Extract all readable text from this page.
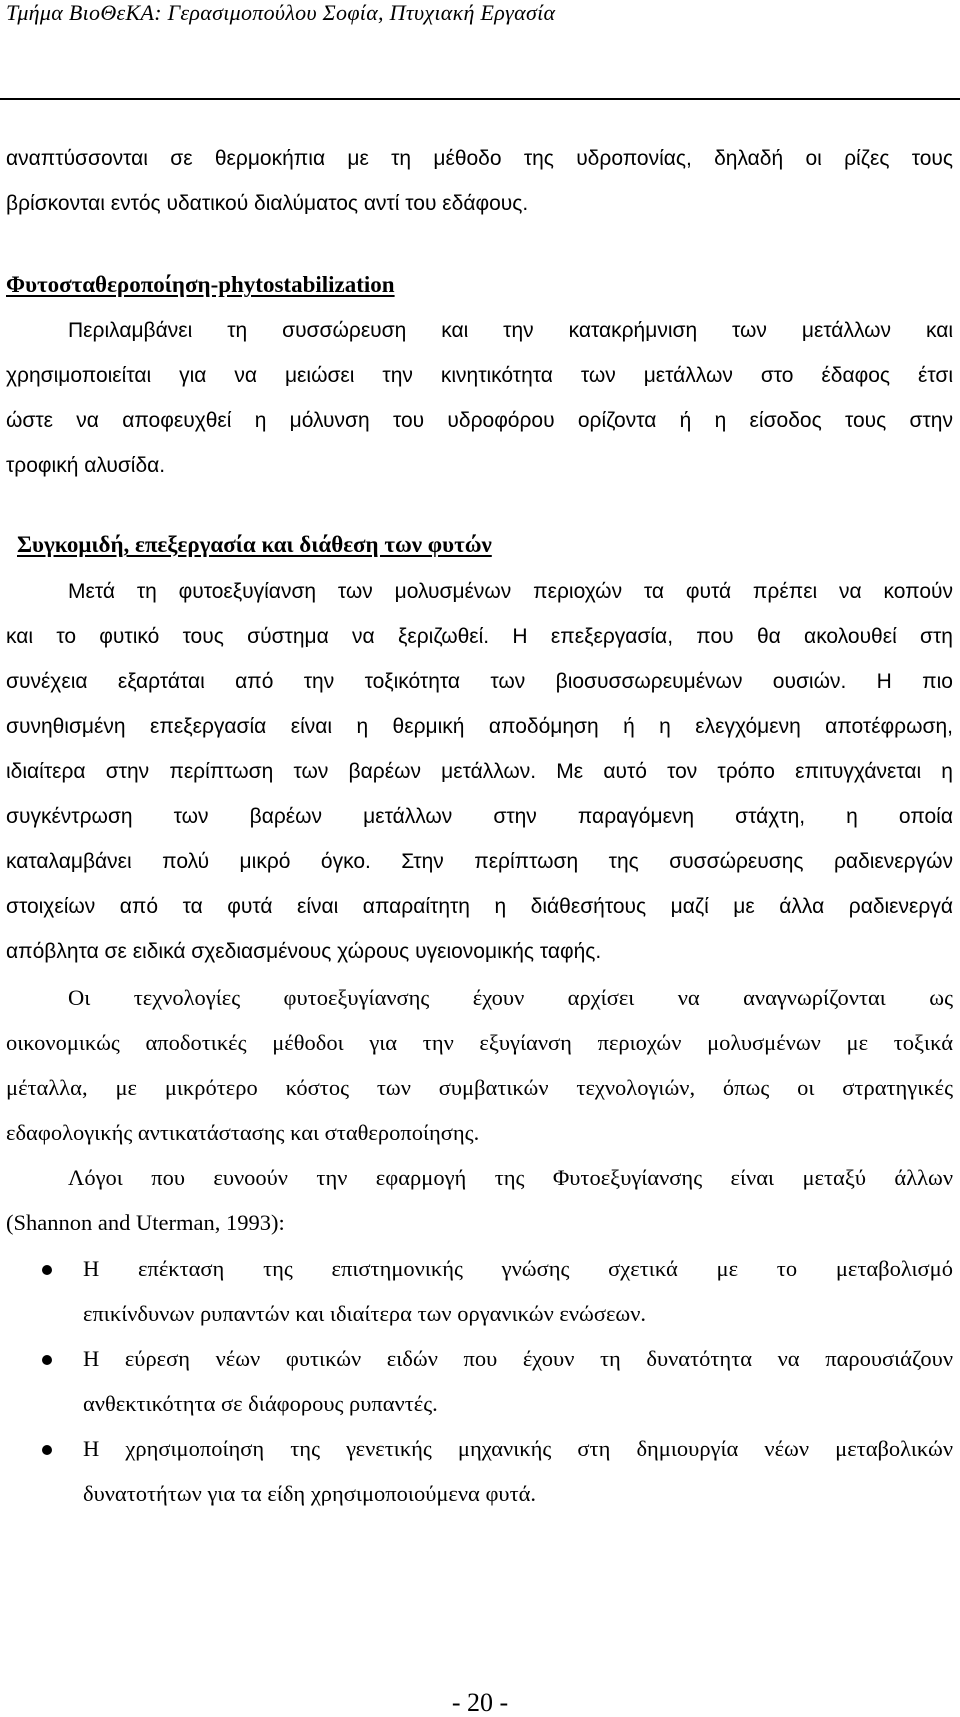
Τμήμα ΒιοΘεΚΑ: Γερασιμοπούλου Σοφία, Πτυχιακή Εργασία
αναπτύσσονται σε θερμοκήπια με τη μέθοδο της υδροπονίας, δηλαδή οι ρίζες τους
βρίσκονται εντός υδατικού διαλύματος αντί του εδάφους.
Φυτοσταθεροποίηση-phytostabilization
Περιλαμβάνει τη συσσώρευση και την κατακρήμνιση των μετάλλων και
χρησιμοποιείται για να μειώσει την κινητικότητα των μετάλλων στο έδαφος έτσι
ώστε να αποφευχθεί η μόλυνση του υδροφόρου ορίζοντα ή η είσοδος τους στην
τροφική αλυσίδα.
Συγκομιδή, επεξεργασία και διάθεση των φυτών
Μετά τη φυτοεξυγίανση των μολυσμένων περιοχών τα φυτά πρέπει να κοπούν
και το φυτικό τους σύστημα να ξεριζωθεί. Η επεξεργασία, που θα ακολουθεί στη
συνέχεια εξαρτάται από την τοξικότητα των βιοσυσσωρευμένων ουσιών. Η πιο
συνηθισμένη επεξεργασία είναι η θερμική αποδόμηση ή η ελεγχόμενη αποτέφρωση,
ιδιαίτερα στην περίπτωση των βαρέων μετάλλων. Με αυτό τον τρόπο επιτυγχάνεται η
συγκέντρωση των βαρέων μετάλλων στην παραγόμενη στάχτη, η οποία
καταλαμβάνει πολύ μικρό όγκο. Στην περίπτωση της συσσώρευσης ραδιενεργών
στοιχείων από τα φυτά είναι απαραίτητη η διάθεσήτους μαζί με άλλα ραδιενεργά
απόβλητα σε ειδικά σχεδιασμένους χώρους υγειονομικής ταφής.
Οι τεχνολογίες φυτοεξυγίανσης έχουν αρχίσει να αναγνωρίζονται ως
οικονομικώς αποδοτικές μέθοδοι για την εξυγίανση περιοχών μολυσμένων με τοξικά
μέταλλα, με μικρότερο κόστος των συμβατικών τεχνολογιών, όπως οι στρατηγικές
εδαφολογικής αντικατάστασης και σταθεροποίησης.
Λόγοι που ευνοούν την εφαρμογή της Φυτοεξυγίανσης είναι μεταξύ άλλων
(Shannon and Uterman, 1993):
Η επέκταση της επιστημονικής γνώσης σχετικά με το μεταβολισμό
επικίνδυνων ρυπαντών και ιδιαίτερα των οργανικών ενώσεων.
Η εύρεση νέων φυτικών ειδών που έχουν τη δυνατότητα να παρουσιάζουν
ανθεκτικότητα σε διάφορους ρυπαντές.
Η χρησιμοποίηση της γενετικής μηχανικής στη δημιουργία νέων μεταβολικών
δυνατοτήτων για τα είδη χρησιμοποιούμενα φυτά.
- 20 -
